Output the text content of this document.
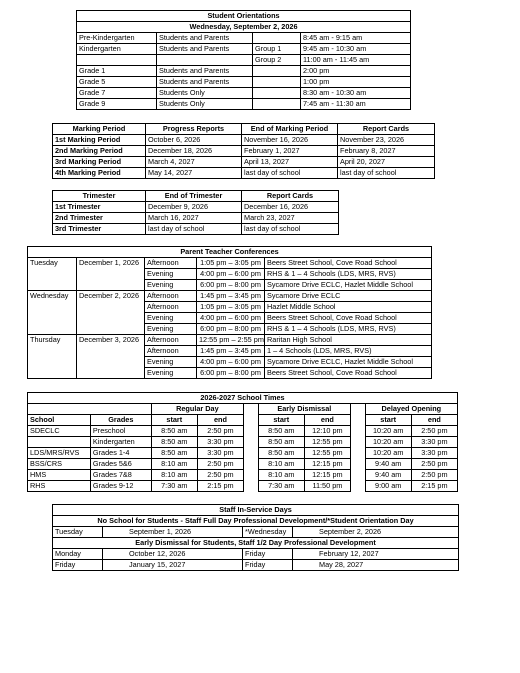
Student Orientations			
Wednesday, September 2, 2026			
Pre-Kindergarten	Students and Parents		8:45 am - 9:15 am
Kindergarten	Students and Parents	Group 1	9:45 am - 10:30 am
		Group 2	11:00 am - 11:45 am
Grade 1	Students and Parents		2:00 pm
Grade 5	Students and Parents		1:00 pm
Grade 7	Students Only		8:30 am - 10:30 am
Grade 9	Students Only		7:45 am - 11:30 am
Marking Period	Progress Reports	End of Marking Period	Report Cards
1st Marking Period	October 6, 2026	November 16, 2026	November 23, 2026
2nd Marking Period	December 18, 2026	February 1, 2027	February 8, 2027
3rd Marking Period	March 4, 2027	April 13, 2027	April 20, 2027
4th Marking Period	May 14, 2027	last day of school	last day of school
Trimester	End of Trimester	Report Cards
1st Trimester	December 9, 2026	December 16, 2026
2nd Trimester	March 16, 2027	March 23, 2027
3rd Trimester	last day of school	last day of school
Parent Teacher Conferences				
Tuesday	December 1, 2026	Afternoon	1:05 pm – 3:05 pm	Beers Street School, Cove Road School
		Evening	4:00 pm – 6:00 pm	RHS & 1 – 4 Schools (LDS, MRS, RVS)
		Evening	6:00 pm – 8:00 pm	Sycamore Drive ECLC, Hazlet Middle School
Wednesday	December 2, 2026	Afternoon	1:45 pm – 3:45 pm	Sycamore Drive ECLC
		Afternoon	1:05 pm – 3:05 pm	Hazlet Middle School
		Evening	4:00 pm – 6:00 pm	Beers Street School, Cove Road School
		Evening	6:00 pm – 8:00 pm	RHS & 1 – 4 Schools (LDS, MRS, RVS)
Thursday	December 3, 2026	Afternoon	12:55 pm – 2:55 pm	Raritan High School
		Afternoon	1:45 pm – 3:45 pm	1 – 4 Schools (LDS, MRS, RVS)
		Evening	4:00 pm – 6:00 pm	Sycamore Drive ECLC, Hazlet Middle School
		Evening	6:00 pm – 8:00 pm	Beers Street School, Cove Road School
2026-2027 School Times									
		Regular Day			Early Dismissal			Delayed Opening	
School	Grades	start	end		start	end		start	end
SDECLC	Preschool	8:50 am	2:50 pm		8:50 am	12:10 pm		10:20 am	2:50 pm
	Kindergarten	8:50 am	3:30 pm		8:50 am	12:55 pm		10:20 am	3:30 pm
LDS/MRS/RVS	Grades 1-4	8:50 am	3:30 pm		8:50 am	12:55 pm		10:20 am	3:30 pm
BSS/CRS	Grades 5&6	8:10 am	2:50 pm		8:10 am	12:15 pm		9:40 am	2:50 pm
HMS	Grades 7&8	8:10 am	2:50 pm		8:10 am	12:15 pm		9:40 am	2:50 pm
RHS	Grades 9-12	7:30 am	2:15 pm		7:30 am	11:50 pm		9:00 am	2:15 pm
Staff In-Service Days			
No School for Students - Staff Full Day Professional Development/*Student Orientation Day			
Tuesday	September 1, 2026	*Wednesday	September 2, 2026
Early Dismissal for Students, Staff 1/2 Day Professional Development			
Monday	October 12, 2026	Friday	February 12, 2027
Friday	January 15, 2027	Friday	May 28, 2027
